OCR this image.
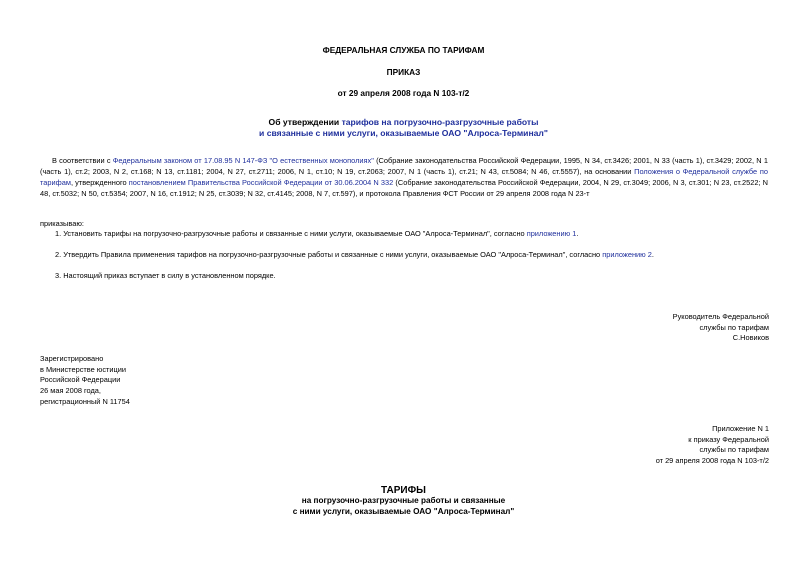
ФЕДЕРАЛЬНАЯ СЛУЖБА ПО ТАРИФАМ
ПРИКАЗ
от 29 апреля 2008 года N 103-т/2
Об утверждении тарифов на погрузочно-разгрузочные работы
и связанные с ними услуги, оказываемые ОАО "Алроса-Терминал"

В соответствии с Федеральным законом от 17.08.95 N 147-ФЗ "О естественных монополиях" (Собрание законодательства Российской Федерации, 1995, N 34, ст.3426; 2001, N 33 (часть 1), ст.3429; 2002, N 1 (часть 1), ст.2; 2003, N 2, ст.168; N 13, ст.1181; 2004, N 27, ст.2711; 2006, N 1, ст.10; N 19, ст.2063; 2007, N 1 (часть 1), ст.21; N 43, ст.5084; N 46, ст.5557), на основании Положения о Федеральной службе по тарифам, утвержденного постановлением Правительства Российской Федерации от 30.06.2004 N 332 (Собрание законодательства Российской Федерации, 2004, N 29, ст.3049; 2006, N 3, ст.301; N 23, ст.2522; N 48, ст.5032; N 50, ст.5354; 2007, N 16, ст.1912; N 25, ст.3039; N 32, ст.4145; 2008, N 7, ст.597), и протокола Правления ФСТ России от 29 апреля 2008 года N 23-т

приказываю:
1. Установить тарифы на погрузочно-разгрузочные работы и связанные с ними услуги, оказываемые ОАО "Алроса-Терминал", согласно приложению 1.
2. Утвердить Правила применения тарифов на погрузочно-разгрузочные работы и связанные с ними услуги, оказываемые ОАО "Алроса-Терминал", согласно приложению 2.
3. Настоящий приказ вступает в силу в установленном порядке.
Руководитель Федеральной
службы по тарифам
С.Новиков
Зарегистрировано
в Министерстве юстиции
Российской Федерации
26 мая 2008 года,
регистрационный N 11754
Приложение N 1
к приказу Федеральной
службы по тарифам
от 29 апреля 2008 года N 103-т/2
ТАРИФЫ
на погрузочно-разгрузочные работы и связанные
с ними услуги, оказываемые ОАО "Алроса-Терминал"
